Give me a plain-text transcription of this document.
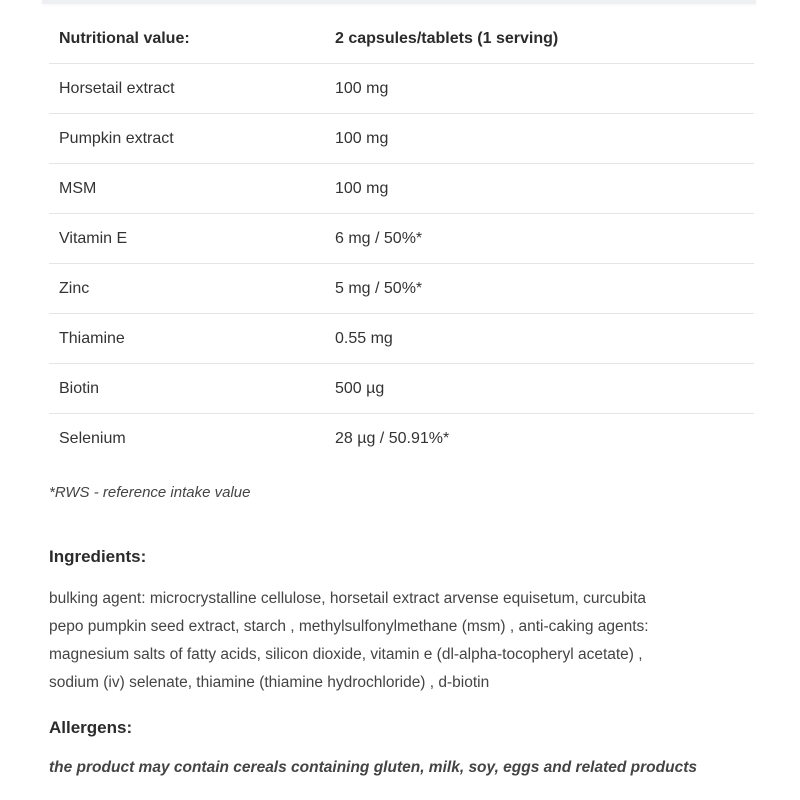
Nutritional value:	2 capsules/tablets (1 serving)
Horsetail extract	100 mg
Pumpkin extract	100 mg
MSM	100 mg
Vitamin E	6 mg / 50%*
Zinc	5 mg / 50%*
Thiamine	0.55 mg
Biotin	500 µg
Selenium	28 µg / 50.91%*
*RWS - reference intake value
Ingredients:
bulking agent: microcrystalline cellulose, horsetail extract arvense equisetum, curcubita
pepo pumpkin seed extract, starch , methylsulfonylmethane (msm) , anti-caking agents:
magnesium salts of fatty acids, silicon dioxide, vitamin e (dl-alpha-tocopheryl acetate) ,
sodium (iv) selenate, thiamine (thiamine hydrochloride) , d-biotin
Allergens:
the product may contain cereals containing gluten, milk, soy, eggs and related products
